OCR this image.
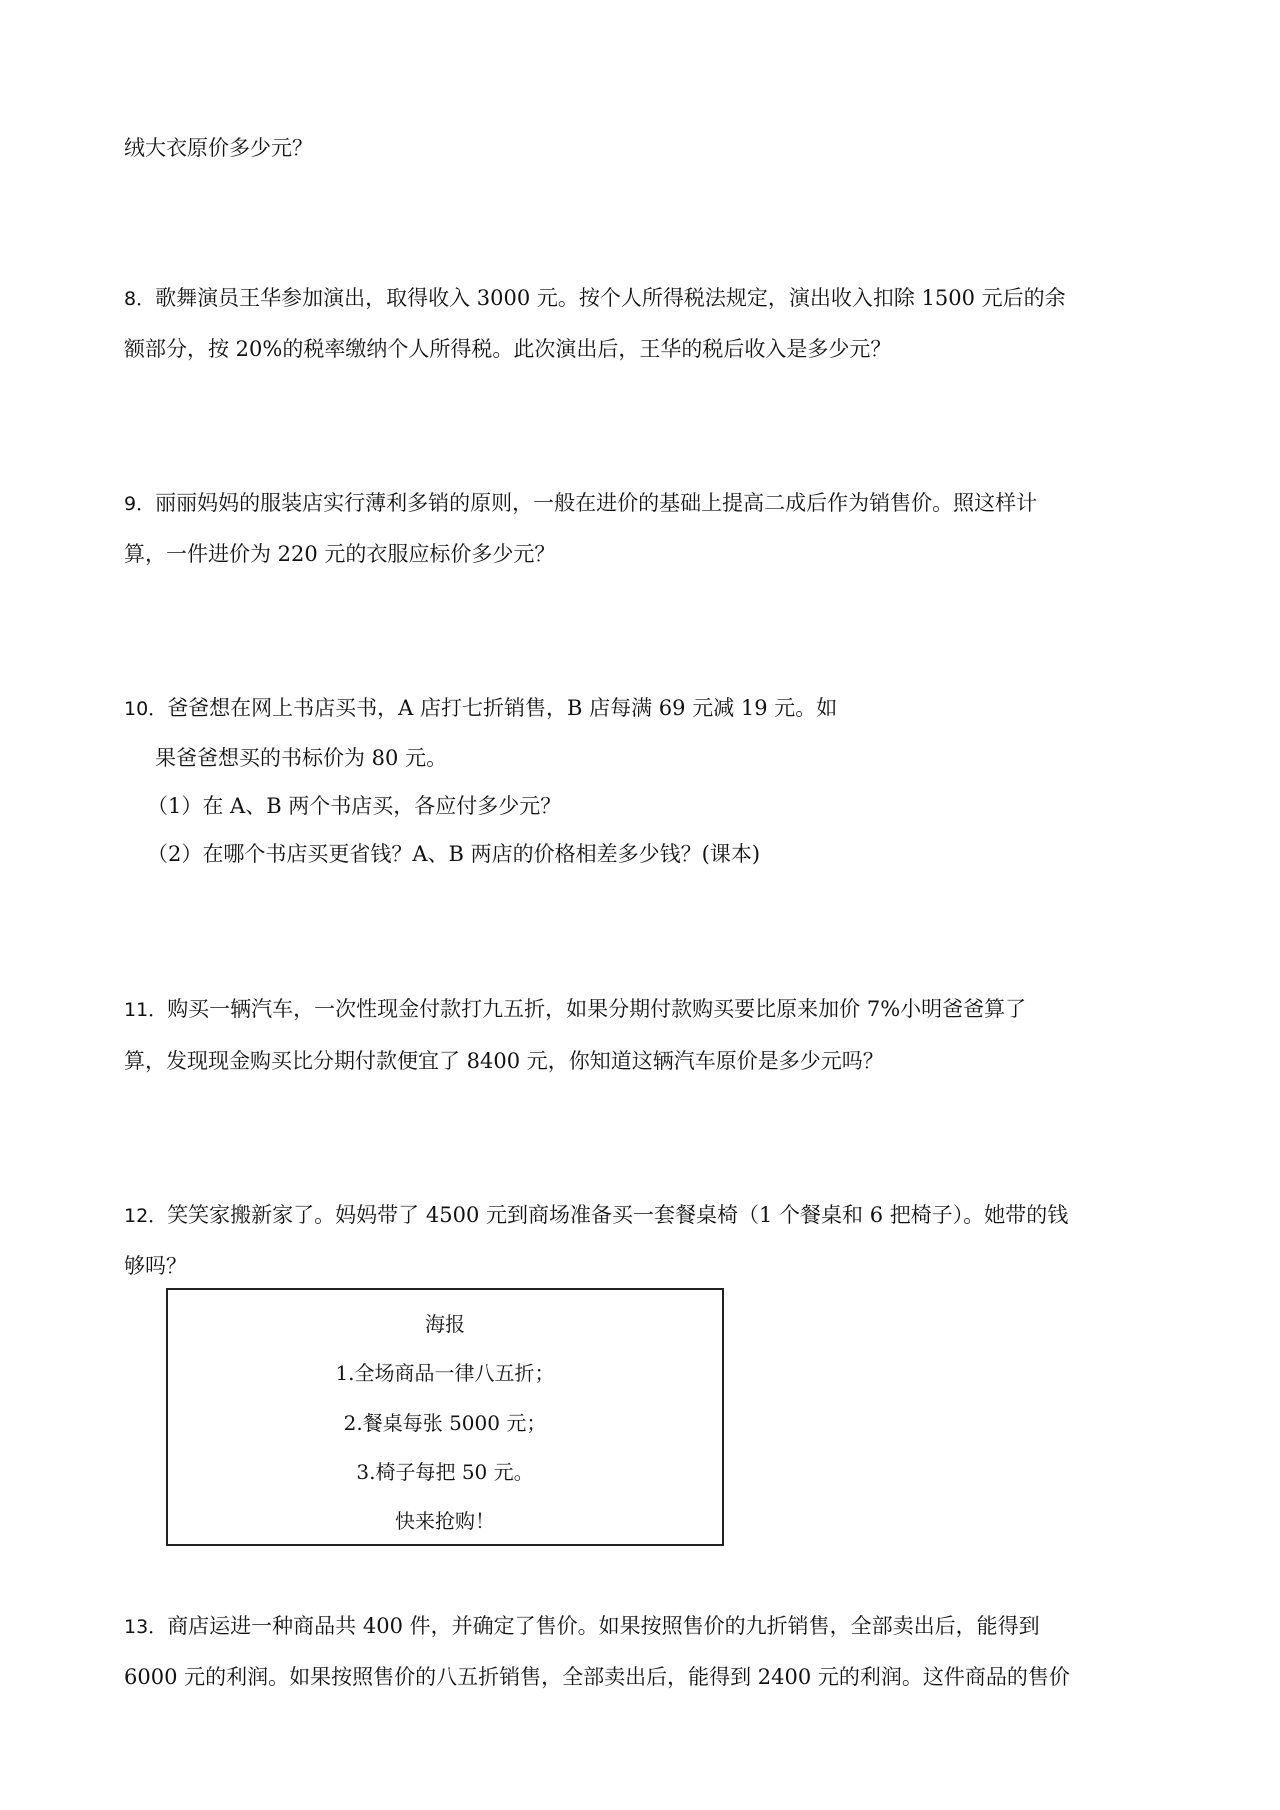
绒大衣原价多少元？
8．歌舞演员王华参加演出，取得收入 3000 元。按个人所得税法规定，演出收入扣除 1500 元后的余
额部分，按 20%的税率缴纳个人所得税。此次演出后，王华的税后收入是多少元？
9．丽丽妈妈的服装店实行薄利多销的原则，一般在进价的基础上提高二成后作为销售价。照这样计
算，一件进价为 220 元的衣服应标价多少元？
10．爸爸想在网上书店买书，A 店打七折销售，B 店每满 69 元减 19 元。如
果爸爸想买的书标价为 80 元。
（1）在 A、B 两个书店买，各应付多少元？
（2）在哪个书店买更省钱？A、B 两店的价格相差多少钱？(课本)
11．购买一辆汽车，一次性现金付款打九五折，如果分期付款购买要比原来加价 7%小明爸爸算了
算，发现现金购买比分期付款便宜了 8400 元，你知道这辆汽车原价是多少元吗？
12．笑笑家搬新家了。妈妈带了 4500 元到商场准备买一套餐桌椅（1 个餐桌和 6 把椅子）。她带的钱
够吗？
海报
1.全场商品一律八五折；
2.餐桌每张 5000 元；
3.椅子每把 50 元。
快来抢购！
13．商店运进一种商品共 400 件，并确定了售价。如果按照售价的九折销售，全部卖出后，能得到
6000 元的利润。如果按照售价的八五折销售，全部卖出后，能得到 2400 元的利润。这件商品的售价
